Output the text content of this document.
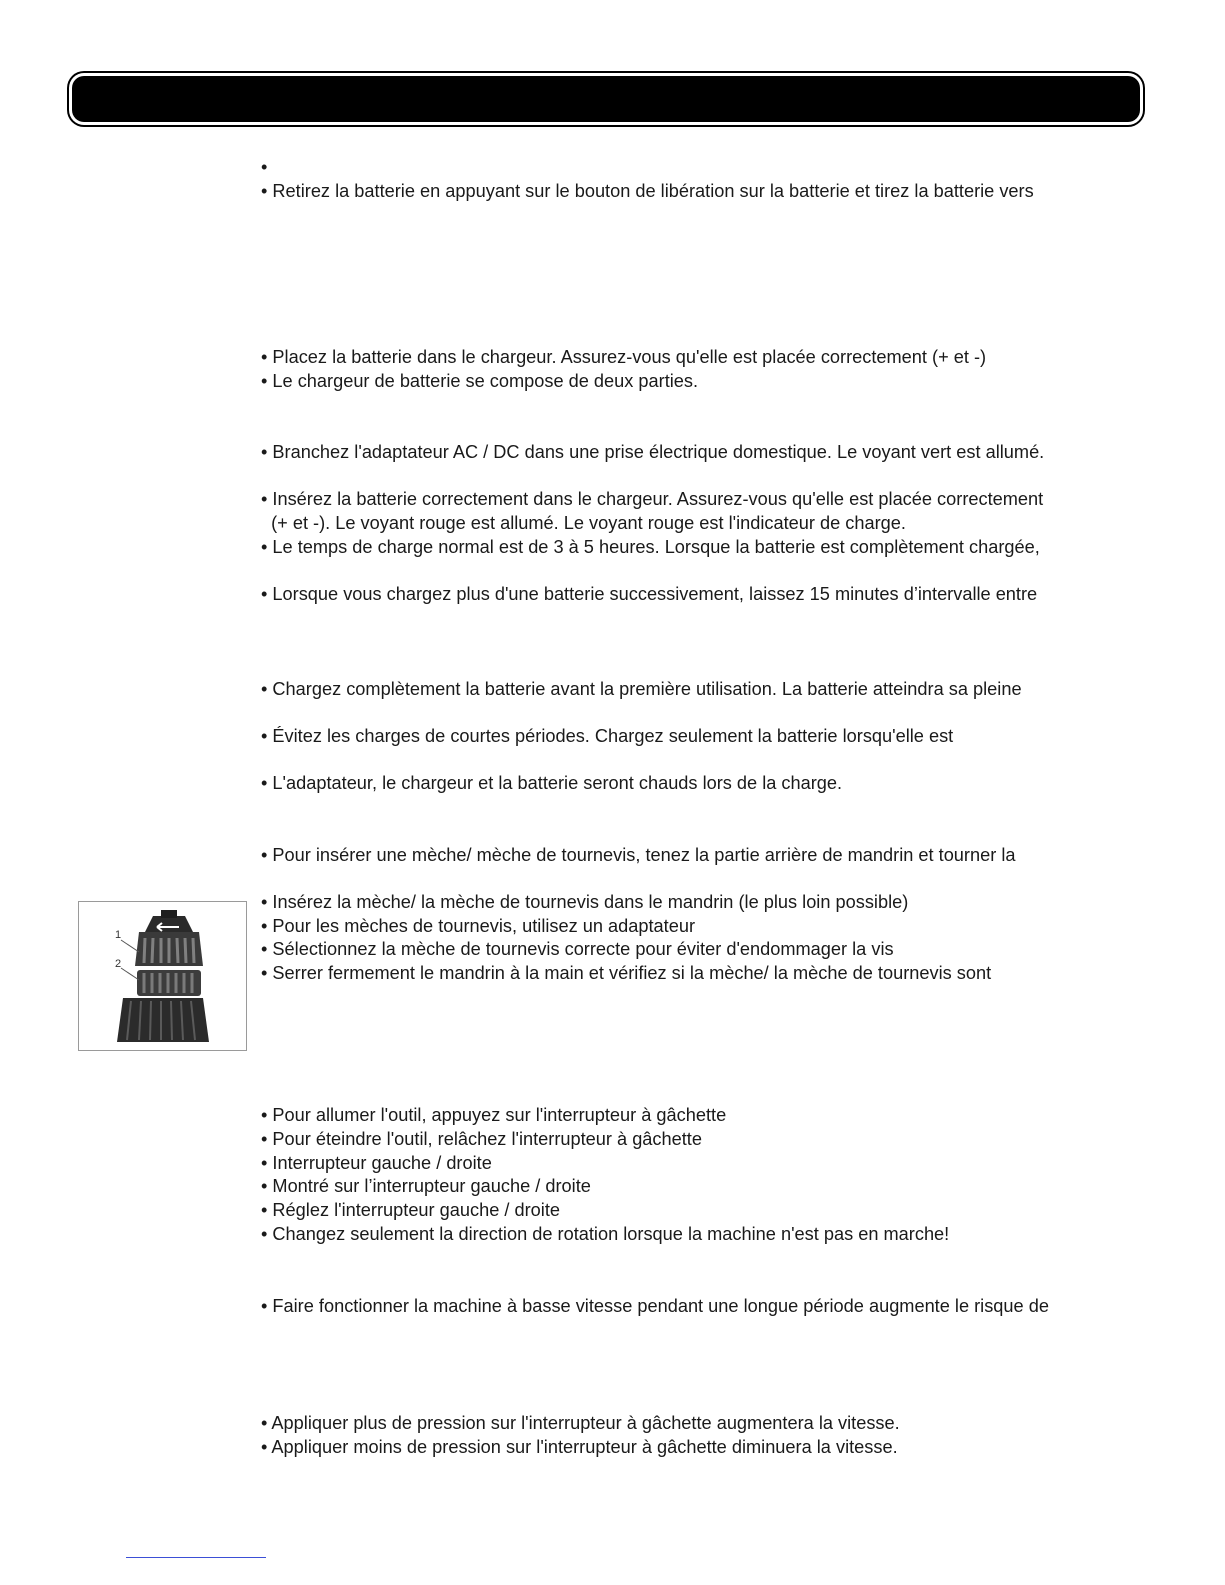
•
• Retirez la batterie en appuyant sur le bouton de libération sur la batterie et tirez la batterie vers
• Placez la batterie dans le chargeur. Assurez-vous qu'elle est placée correctement (+ et -)
• Le chargeur de batterie se compose de deux parties.
• Branchez l'adaptateur AC / DC dans une prise électrique domestique. Le voyant vert est allumé.
• Insérez la batterie correctement dans le chargeur. Assurez-vous qu'elle est placée correctement
(+ et -). Le voyant rouge est allumé. Le voyant rouge est l'indicateur de charge.
• Le temps de charge normal est de 3 à 5 heures. Lorsque la batterie est complètement chargée,
• Lorsque vous chargez plus d'une batterie successivement, laissez 15 minutes d’intervalle entre
• Chargez complètement la batterie avant la première utilisation. La batterie atteindra sa pleine
• Évitez les charges de courtes périodes. Chargez seulement la batterie lorsqu'elle est
• L'adaptateur, le chargeur et la batterie seront chauds lors de la charge.
• Pour insérer une mèche/ mèche de tournevis, tenez la partie arrière de mandrin et tourner la
• Insérez la mèche/ la mèche de tournevis dans le mandrin (le plus loin possible)
• Pour les mèches de tournevis, utilisez un adaptateur
• Sélectionnez la mèche de tournevis correcte pour éviter d'endommager la vis
• Serrer fermement le mandrin à la main et vérifiez si la mèche/ la mèche de tournevis sont
• Pour allumer l'outil, appuyez sur l'interrupteur à gâchette
• Pour éteindre l'outil, relâchez l'interrupteur à gâchette
• Interrupteur gauche / droite
• Montré sur l’interrupteur gauche / droite
• Réglez l'interrupteur gauche / droite
• Changez seulement la direction de rotation lorsque la machine n'est pas en marche!
• Faire fonctionner la machine à basse vitesse pendant une longue période augmente le risque de
• Appliquer plus de pression sur l'interrupteur à gâchette augmentera la vitesse.
• Appliquer moins de pression sur l'interrupteur à gâchette diminuera la vitesse.
1
2
